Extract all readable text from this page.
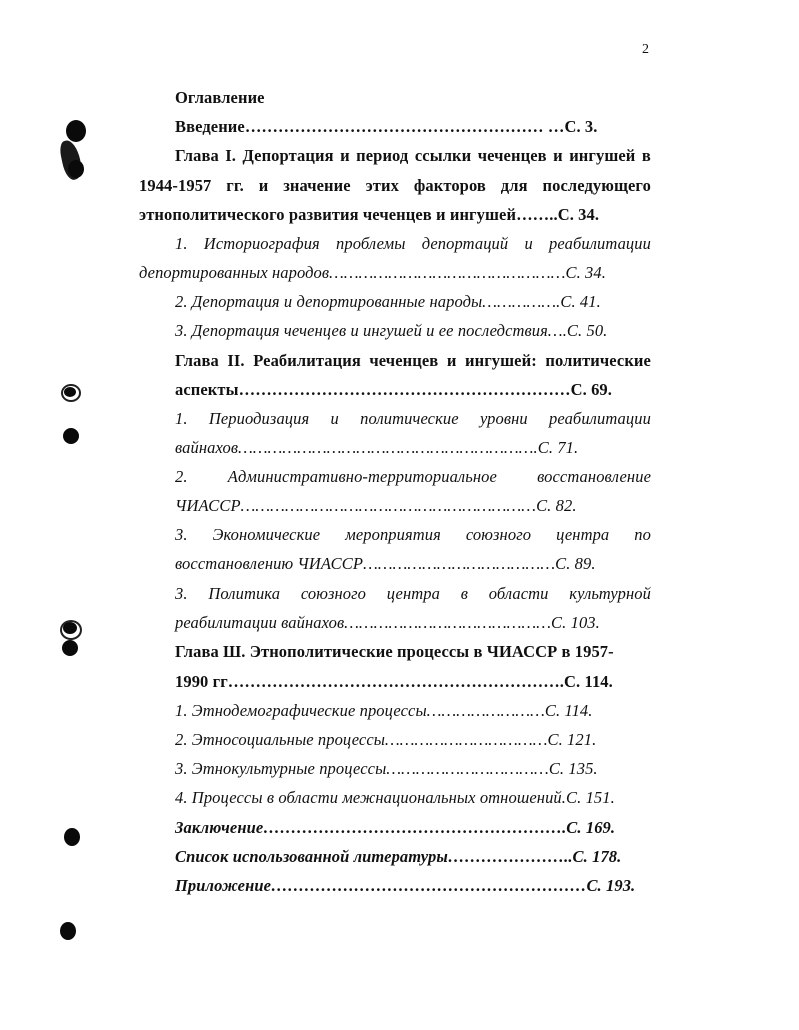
2
Оглавление
Введение……………………………………………… …С. 3.
Глава I. Депортация и период ссылки чеченцев и ингушей в
1944-1957 гг. и значение этих факторов для последующего
этнополитического развития чеченцев и ингушей……..С. 34.
1. Историография проблемы депортаций и реабилитации
депортированных народов…………………………………………С. 34.
2. Депортация и депортированные народы…………….С. 41.
3. Депортация чеченцев и ингушей и ее последствия….С. 50.
Глава II. Реабилитация чеченцев и ингушей: политические
аспекты……………………………………………………С. 69.
1. Периодизация и политические уровни реабилитации
вайнахов…………………………………………………….С. 71.
2. Административно-территориальное восстановление
ЧИАССР……………………………………………………С. 82.
3. Экономические мероприятия союзного центра по
восстановлению ЧИАССР…………………………………С. 89.
3. Политика союзного центра в области культурной
реабилитации вайнахов……………………………………С. 103.
Глава Ш. Этнополитические процессы в ЧИАССР в 1957-
1990 гг…………………………………………………….С. 114.
1. Этнодемографические процессы……………………С. 114.
2. Этносоциальные процессы……………………………С. 121.
3. Этнокультурные процессы……………………………С. 135.
4. Процессы в области межнациональных отношений.С. 151.
Заключение……………………………………………….С. 169.
Список использованной литературы…………………..С. 178.
Приложение…………………………………………………С. 193.
